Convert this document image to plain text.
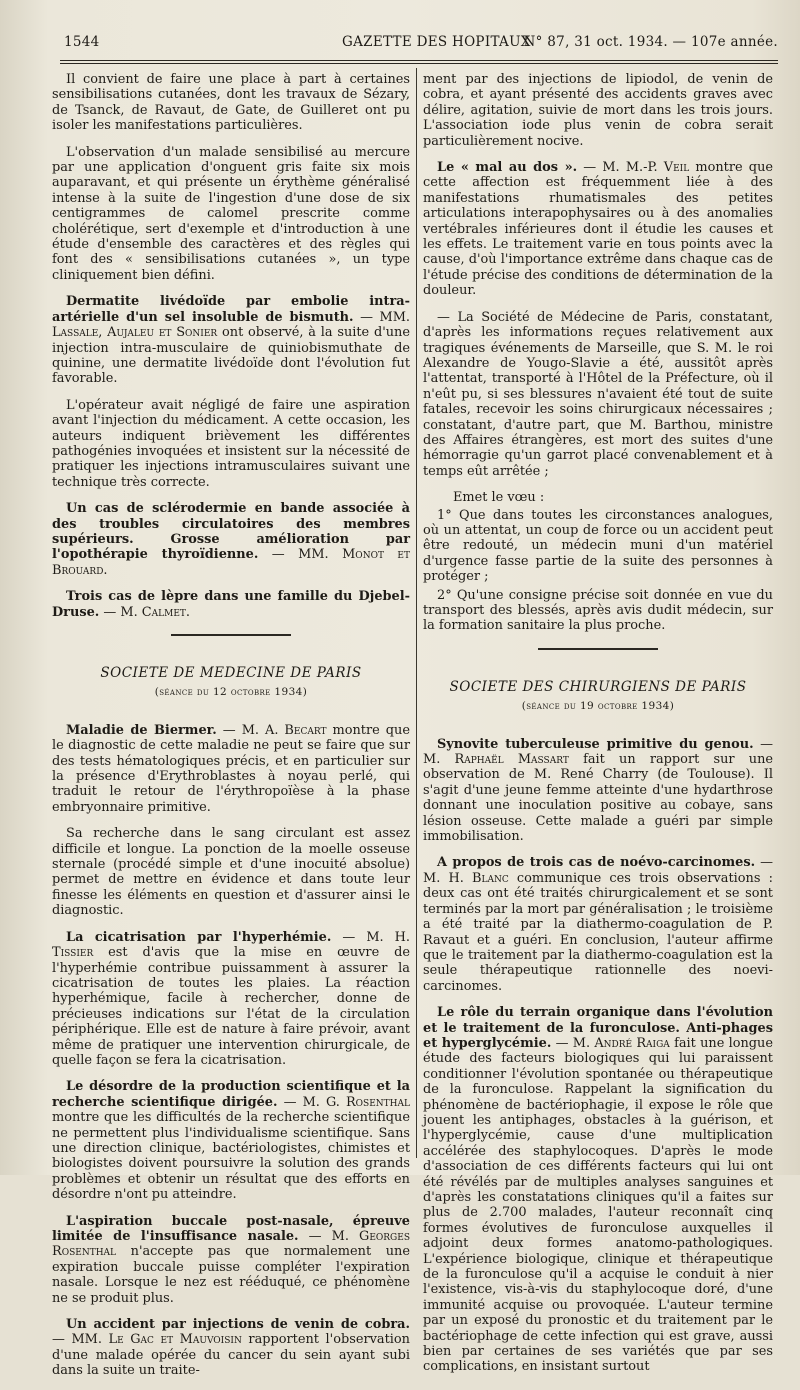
1544	GAZETTE DES HOPITAUX
N° 87, 31 oct. 1934. — 107e année.

Il convient de faire une place à part à certaines sensibilisations cutanées, dont les travaux de Sézary, de Tsanck, de Ravaut, de Gate, de Guilleret ont pu isoler les manifestations particulières.

L'observation d'un malade sensibilisé au mercure par une application d'onguent gris faite six mois auparavant, et qui présente un érythème généralisé intense à la suite de l'ingestion d'une dose de six centigrammes de calomel prescrite comme cholérétique, sert d'exemple et d'introduction à une étude d'ensemble des caractères et des règles qui font des « sensibilisations cutanées », un type cliniquement bien défini.

Dermatite livédoïde par embolie intra-artérielle d'un sel insoluble de bismuth. — MM. Lassale, Aujaleu et Sonier ont observé, à la suite d'une injection intra-musculaire de quiniobismuthate de quinine, une dermatite livédoïde dont l'évolution fut favorable.

L'opérateur avait négligé de faire une aspiration avant l'injection du médicament. A cette occasion, les auteurs indiquent brièvement les différentes pathogénies invoquées et insistent sur la nécessité de pratiquer les injections intramusculaires suivant une technique très correcte.

Un cas de sclérodermie en bande associée à des troubles circulatoires des membres supérieurs. Grosse amélioration par l'opothérapie thyroïdienne. — MM. Monot et Brouard.

Trois cas de lèpre dans une famille du Djebel-Druse. — M. Calmet.

SOCIETE DE MEDECINE DE PARIS
(séance du 12 octobre 1934)

Maladie de Biermer. — M. A. Becart montre que le diagnostic de cette maladie ne peut se faire que sur des tests hématologiques précis, et en particulier sur la présence d'Erythroblastes à noyau perlé, qui traduit le retour de l'érythropoïèse à la phase embryonnaire primitive.

Sa recherche dans le sang circulant est assez difficile et longue. La ponction de la moelle osseuse sternale (procédé simple et d'une inocuité absolue) permet de mettre en évidence et dans toute leur finesse les éléments en question et d'assurer ainsi le diagnostic.

La cicatrisation par l'hyperhémie. — M. H. Tissier est d'avis que la mise en œuvre de l'hyperhémie contribue puissamment à assurer la cicatrisation de toutes les plaies. La réaction hyperhémique, facile à rechercher, donne de précieuses indications sur l'état de la circulation périphérique. Elle est de nature à faire prévoir, avant même de pratiquer une intervention chirurgicale, de quelle façon se fera la cicatrisation.

Le désordre de la production scientifique et la recherche scientifique dirigée. — M. G. Rosenthal montre que les difficultés de la recherche scientifique ne permettent plus l'individualisme scientifique. Sans une direction clinique, bactériologistes, chimistes et biologistes doivent poursuivre la solution des grands problèmes et obtenir un résultat que des efforts en désordre n'ont pu atteindre.

L'aspiration buccale post-nasale, épreuve limitée de l'insuffisance nasale. — M. Georges Rosenthal n'accepte pas que normalement une expiration buccale puisse compléter l'expiration nasale. Lorsque le nez est rééduqué, ce phénomène ne se produit plus.

Un accident par injections de venin de cobra. — MM. Le Gac et Mauvoisin rapportent l'observation d'une malade opérée du cancer du sein ayant subi dans la suite un traite-

ment par des injections de lipiodol, de venin de cobra, et ayant présenté des accidents graves avec délire, agitation, suivie de mort dans les trois jours. L'association iode plus venin de cobra serait particulièrement nocive.

Le « mal au dos ». — M. M.-P. Veil montre que cette affection est fréquemment liée à des manifestations rhumatismales des petites articulations interapophysaires ou à des anomalies vertébrales inférieures dont il étudie les causes et les effets. Le traitement varie en tous points avec la cause, d'où l'importance extrême dans chaque cas de l'étude précise des conditions de détermination de la douleur.

— La Société de Médecine de Paris, constatant, d'après les informations reçues relativement aux tragiques événements de Marseille, que S. M. le roi Alexandre de Yougo-Slavie a été, aussitôt après l'attentat, transporté à l'Hôtel de la Préfecture, où il n'eût pu, si ses blessures n'avaient été tout de suite fatales, recevoir les soins chirurgicaux nécessaires ; constatant, d'autre part, que M. Barthou, ministre des Affaires étrangères, est mort des suites d'une hémorragie qu'un garrot placé convenablement et à temps eût arrêtée ;

Emet le vœu :

1° Que dans toutes les circonstances analogues, où un attentat, un coup de force ou un accident peut être redouté, un médecin muni d'un matériel d'urgence fasse partie de la suite des personnes à protéger ;

2° Qu'une consigne précise soit donnée en vue du transport des blessés, après avis dudit médecin, sur la formation sanitaire la plus proche.

SOCIETE DES CHIRURGIENS DE PARIS
(séance du 19 octobre 1934)

Synovite tuberculeuse primitive du genou. — M. Raphaël Massart fait un rapport sur une observation de M. René Charry (de Toulouse). Il s'agit d'une jeune femme atteinte d'une hydarthrose donnant une inoculation positive au cobaye, sans lésion osseuse. Cette malade a guéri par simple immobilisation.

A propos de trois cas de noévo-carcinomes. — M. H. Blanc communique ces trois observations : deux cas ont été traités chirurgicalement et se sont terminés par la mort par généralisation ; le troisième a été traité par la diathermo-coagulation de P. Ravaut et a guéri. En conclusion, l'auteur affirme que le traitement par la diathermo-coagulation est la seule thérapeutique rationnelle des noevi-carcinomes.

Le rôle du terrain organique dans l'évolution et le traitement de la furonculose. Anti-phages et hyperglycémie. — M. André Raiga fait une longue étude des facteurs biologiques qui lui paraissent conditionner l'évolution spontanée ou thérapeutique de la furonculose. Rappelant la signification du phénomène de bactériophagie, il expose le rôle que jouent les antiphages, obstacles à la guérison, et l'hyperglycémie, cause d'une multiplication accélérée des staphylocoques. D'après le mode d'association de ces différents facteurs qui lui ont été révélés par de multiples analyses sanguines et d'après les constatations cliniques qu'il a faites sur plus de 2.700 malades, l'auteur reconnaît cinq formes évolutives de furonculose auxquelles il adjoint deux formes anatomo-pathologiques. L'expérience biologique, clinique et thérapeutique de la furonculose qu'il a acquise le conduit à nier l'existence, vis-à-vis du staphylocoque doré, d'une immunité acquise ou provoquée. L'auteur termine par un exposé du pronostic et du traitement par le bactériophage de cette infection qui est grave, aussi bien par certaines de ses variétés que par ses complications, en insistant surtout
